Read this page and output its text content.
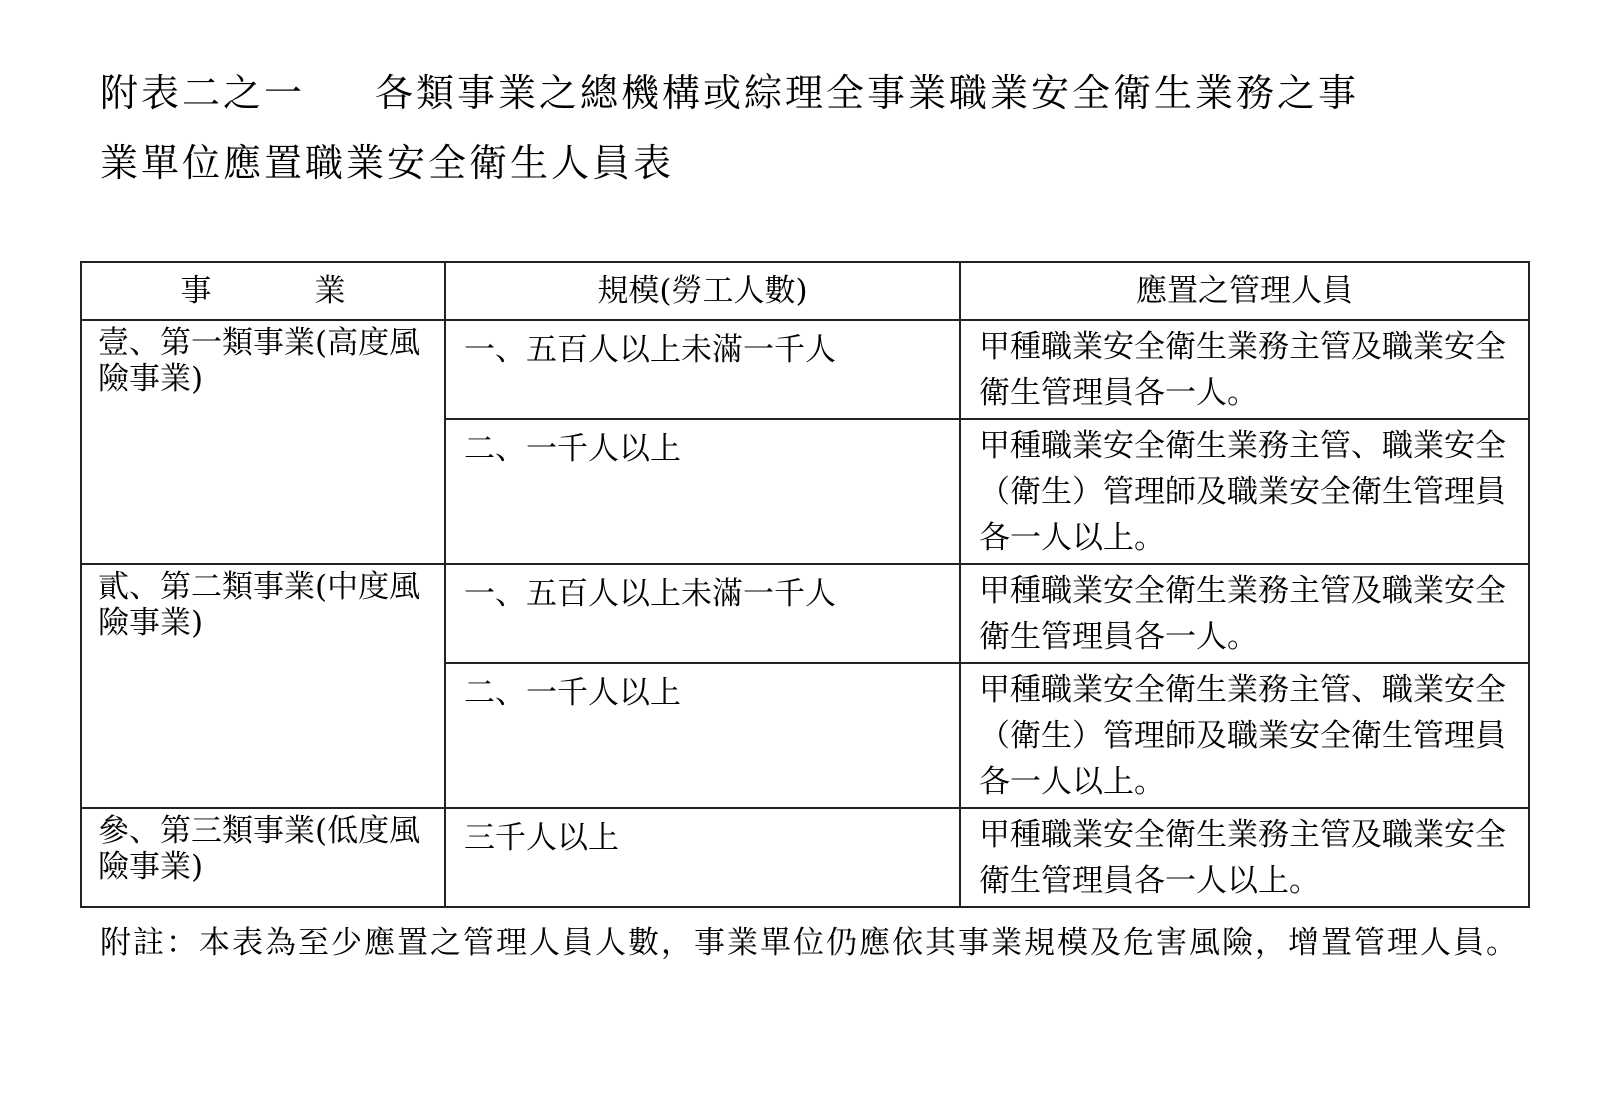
附表二之一 各類事業之總機構或綜理全事業職業安全衛生業務之事
業單位應置職業安全衛生人員表
事　業	規模(勞工人數)	應置之管理人員
壹、第一類事業(高度風險事業)	一、五百人以上未滿一千人	甲種職業安全衛生業務主管及職業安全衛生管理員各一人。
	二、一千人以上	甲種職業安全衛生業務主管、職業安全（衛生）管理師及職業安全衛生管理員各一人以上。
貳、第二類事業(中度風險事業)	一、五百人以上未滿一千人	甲種職業安全衛生業務主管及職業安全衛生管理員各一人。
	二、一千人以上	甲種職業安全衛生業務主管、職業安全（衛生）管理師及職業安全衛生管理員各一人以上。
參、第三類事業(低度風險事業)	三千人以上	甲種職業安全衛生業務主管及職業安全衛生管理員各一人以上。
附註：本表為至少應置之管理人員人數，事業單位仍應依其事業規模及危害風險，增置管理人員。
